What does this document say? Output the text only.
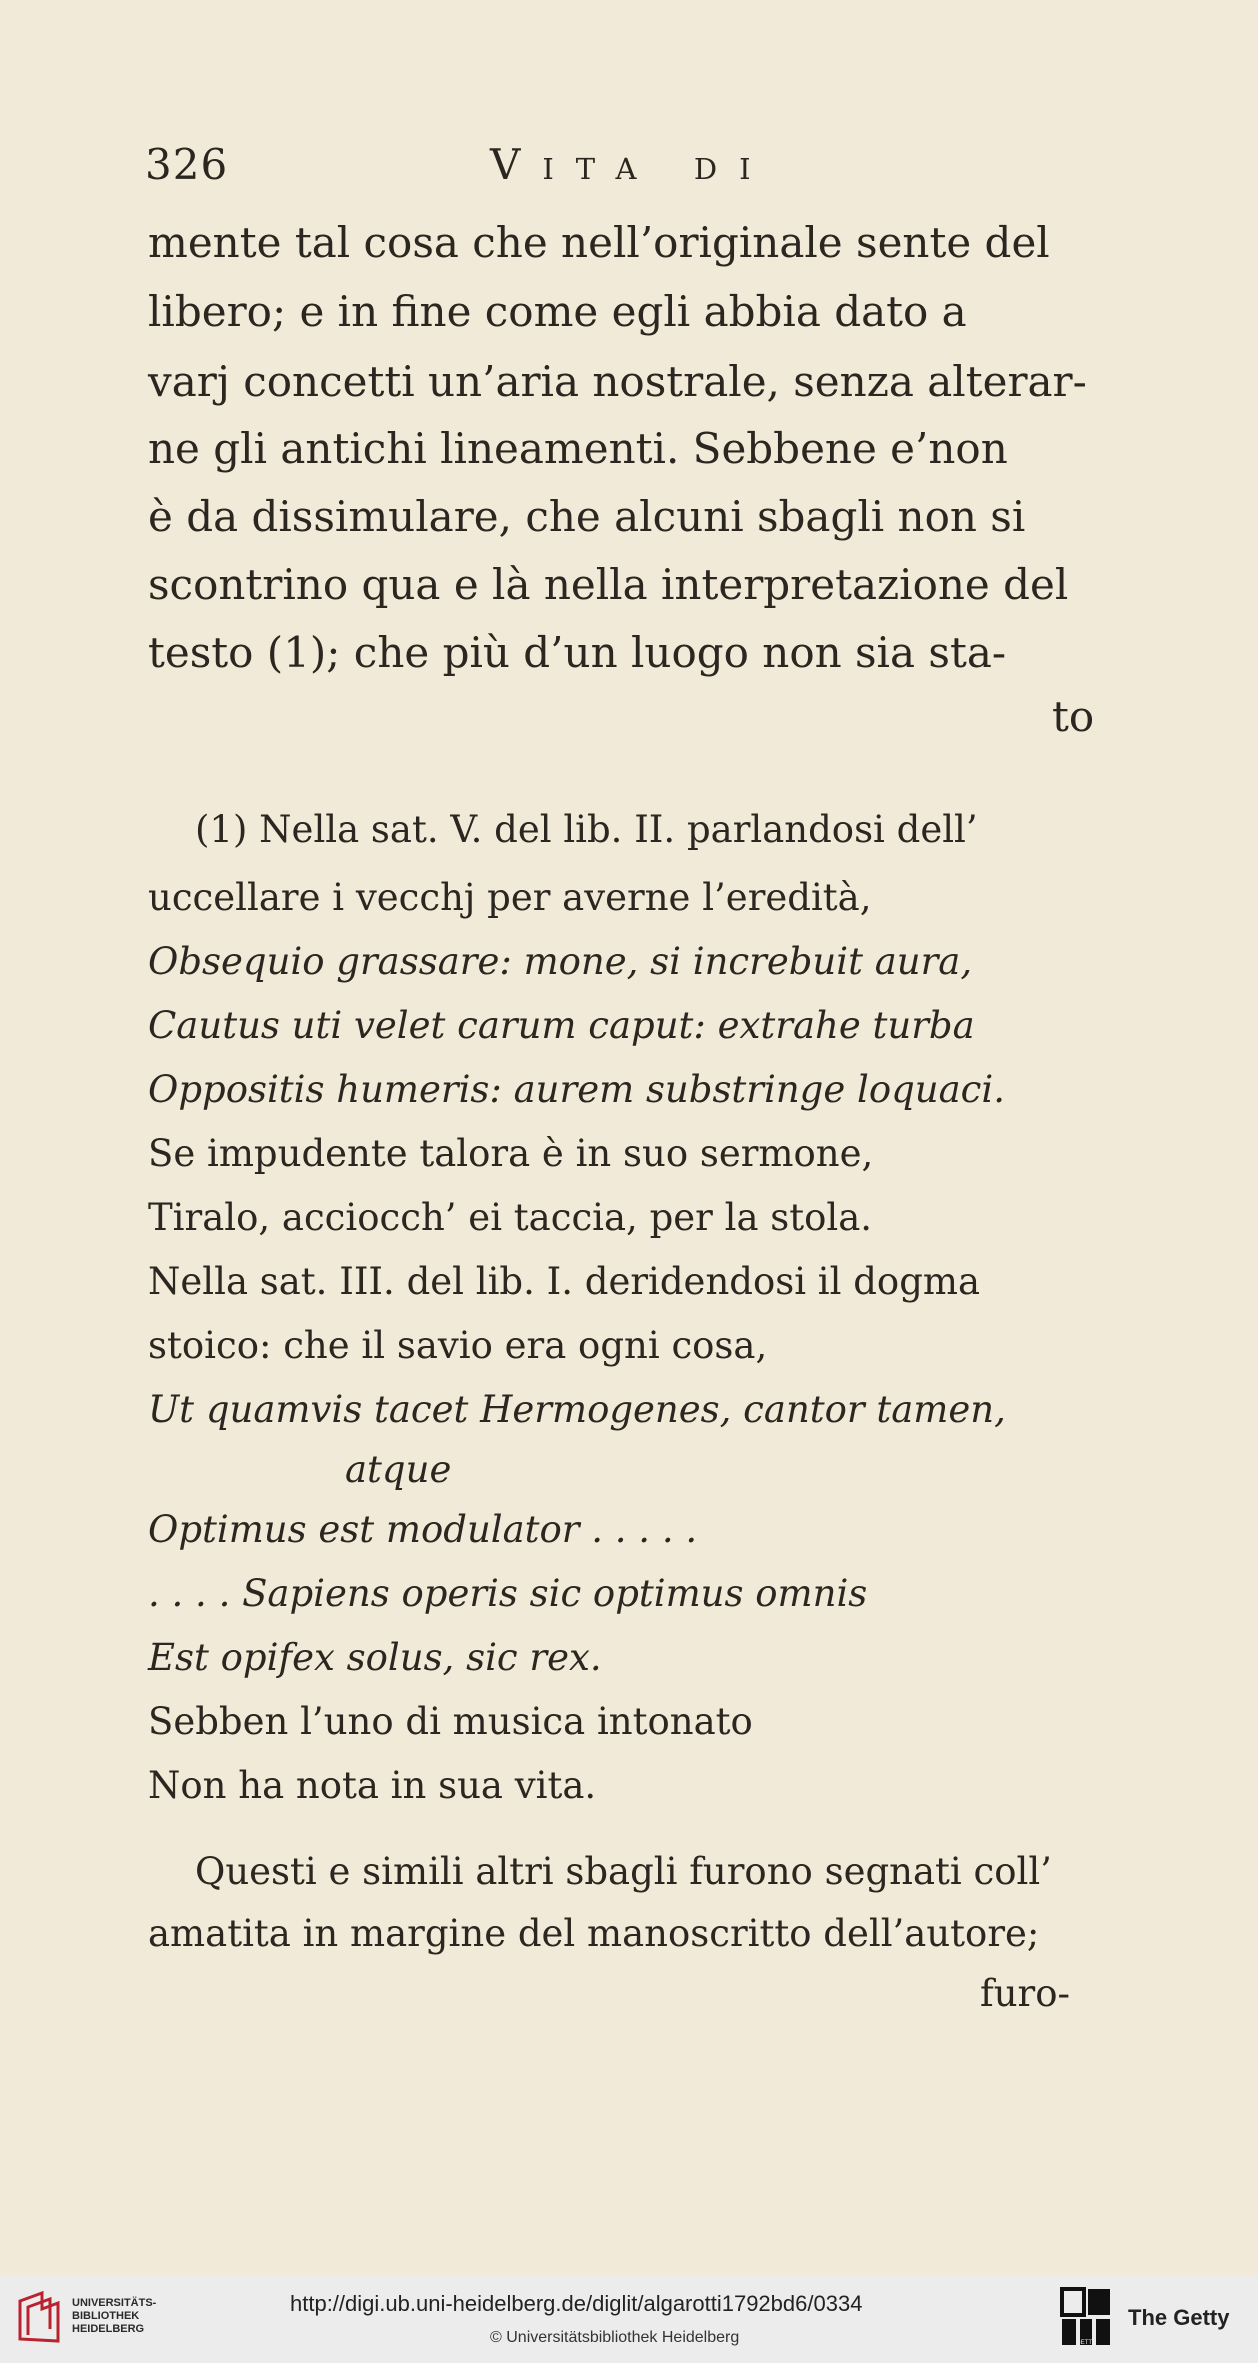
326	Vita di
mente tal cosa che nell’originale sente del
libero; e in fine come egli abbia dato a
varj concetti un’aria nostrale, senza alterar-
ne gli antichi lineamenti. Sebbene e’non
è da dissimulare, che alcuni sbagli non si
scontrino qua e là nella interpretazione del
testo (1); che più d’un luogo non sia sta-
to
(1) Nella sat. V. del lib. II. parlandosi dell’
uccellare i vecchj per averne l’eredità,
Obsequio grassare: mone, si increbuit aura,
Cautus uti velet carum caput: extrahe turba
Oppositis humeris: aurem substringe loquaci.
Se impudente talora è in suo sermone,
Tiralo, acciocch’ ei taccia, per la stola.
Nella sat. III. del lib. I. deridendosi il dogma
stoico: che il savio era ogni cosa,
Ut quamvis tacet Hermogenes, cantor tamen,
atque
Optimus est modulator . . . . .
. . . . Sapiens operis sic optimus omnis
Est opifex solus, sic rex.
Sebben l’uno di musica intonato
Non ha nota in sua vita.
Questi e simili altri sbagli furono segnati coll’
amatita in margine del manoscritto dell’autore;
furo-
UNIVERSITÄTS-
BIBLIOTHEK
HEIDELBERG
http://digi.ub.uni-heidelberg.de/diglit/algarotti1792bd6/0334
© Universitätsbibliothek Heidelberg	GETTY
The Getty
